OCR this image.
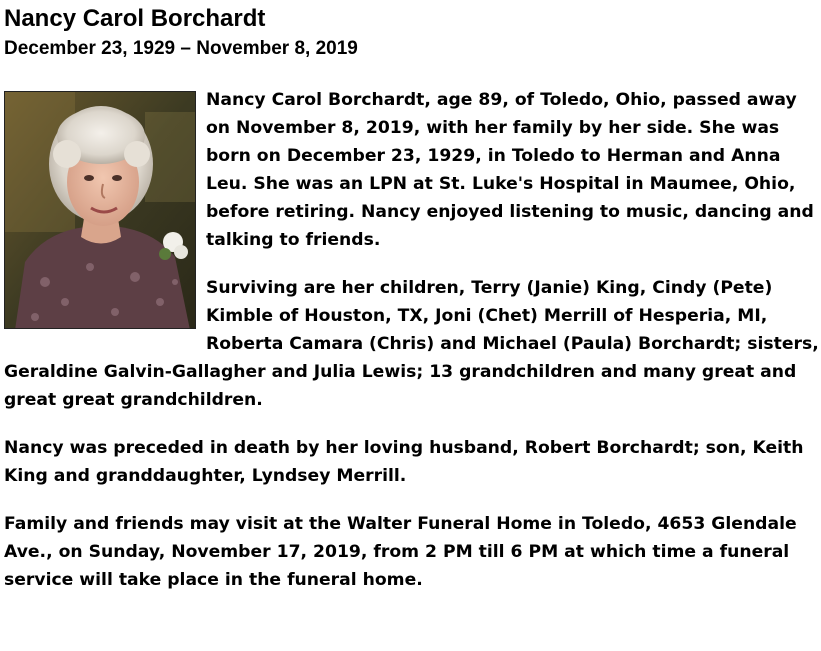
Nancy Carol Borchardt
December 23, 1929 – November 8, 2019

Nancy Carol Borchardt, age 89, of Toledo, Ohio, passed away on November 8, 2019, with her family by her side. She was born on December 23, 1929, in Toledo to Herman and Anna Leu. She was an LPN at St. Luke's Hospital in Maumee, Ohio, before retiring. Nancy enjoyed listening to music, dancing and talking to friends.

Surviving are her children, Terry (Janie) King, Cindy (Pete) Kimble of Houston, TX, Joni (Chet) Merrill of Hesperia, MI, Roberta Camara (Chris) and Michael (Paula) Borchardt; sisters, Geraldine Galvin-Gallagher and Julia Lewis; 13 grandchildren and many great and great great grandchildren.

Nancy was preceded in death by her loving husband, Robert Borchardt; son, Keith King and granddaughter, Lyndsey Merrill.

Family and friends may visit at the Walter Funeral Home in Toledo, 4653 Glendale Ave., on Sunday, November 17, 2019, from 2 PM till 6 PM at which time a funeral service will take place in the funeral home.
